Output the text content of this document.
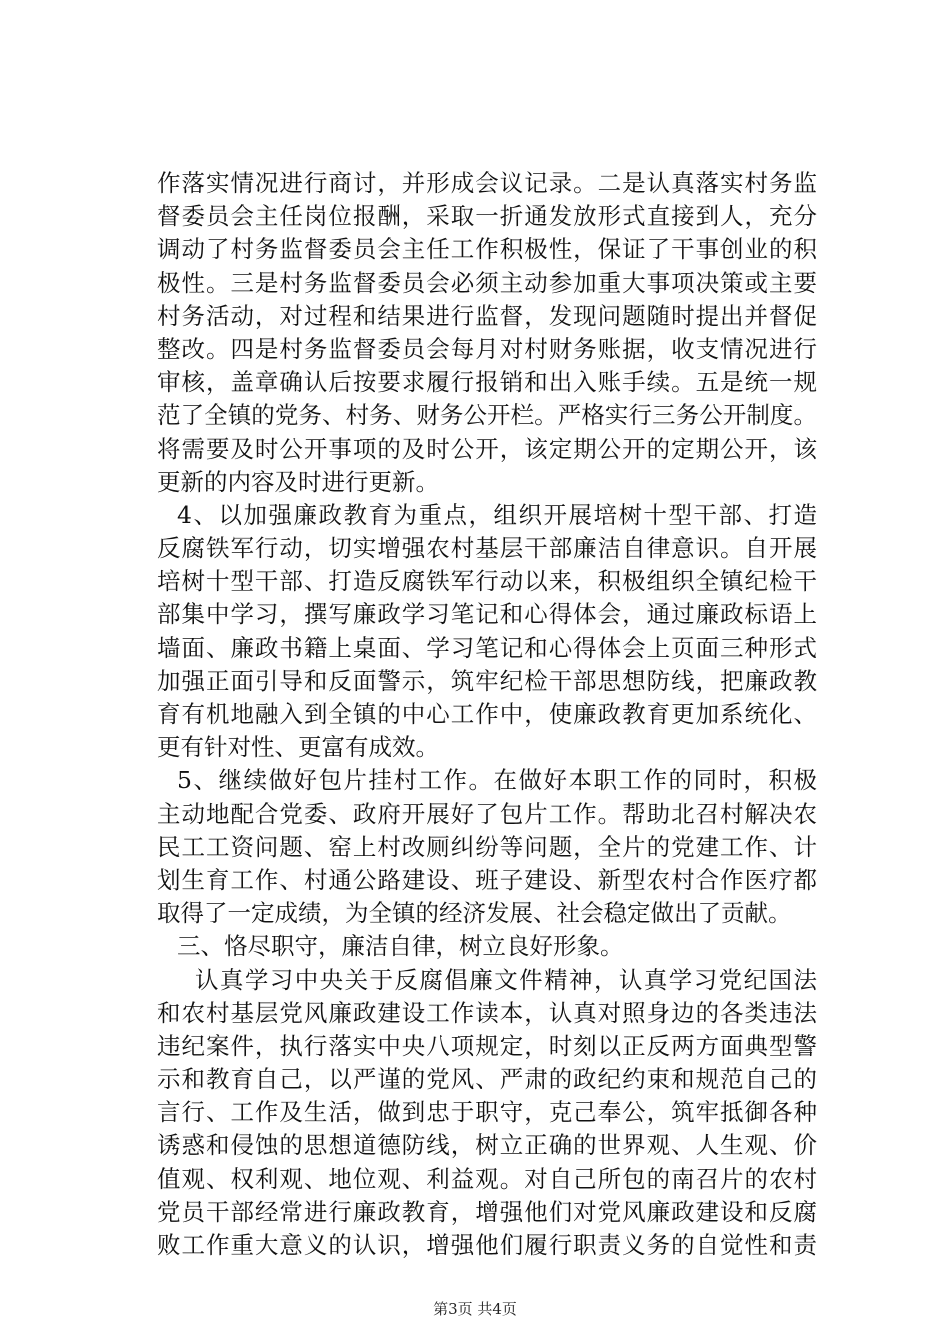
作落实情况进行商讨，并形成会议记录。二是认真落实村务监
督委员会主任岗位报酬，采取一折通发放形式直接到人，充分
调动了村务监督委员会主任工作积极性，保证了干事创业的积
极性。三是村务监督委员会必须主动参加重大事项决策或主要
村务活动，对过程和结果进行监督，发现问题随时提出并督促
整改。四是村务监督委员会每月对村财务账据，收支情况进行
审核，盖章确认后按要求履行报销和出入账手续。五是统一规
范了全镇的党务、村务、财务公开栏。严格实行三务公开制度。
将需要及时公开事项的及时公开，该定期公开的定期公开，该
更新的内容及时进行更新。
4、以加强廉政教育为重点，组织开展培树十型干部、打造
反腐铁军行动，切实增强农村基层干部廉洁自律意识。自开展
培树十型干部、打造反腐铁军行动以来，积极组织全镇纪检干
部集中学习，撰写廉政学习笔记和心得体会，通过廉政标语上
墙面、廉政书籍上桌面、学习笔记和心得体会上页面三种形式
加强正面引导和反面警示，筑牢纪检干部思想防线，把廉政教
育有机地融入到全镇的中心工作中，使廉政教育更加系统化、
更有针对性、更富有成效。
5、继续做好包片挂村工作。在做好本职工作的同时，积极
主动地配合党委、政府开展好了包片工作。帮助北召村解决农
民工工资问题、窑上村改厕纠纷等问题，全片的党建工作、计
划生育工作、村通公路建设、班子建设、新型农村合作医疗都
取得了一定成绩，为全镇的经济发展、社会稳定做出了贡献。
三、恪尽职守，廉洁自律，树立良好形象。
认真学习中央关于反腐倡廉文件精神，认真学习党纪国法
和农村基层党风廉政建设工作读本，认真对照身边的各类违法
违纪案件，执行落实中央八项规定，时刻以正反两方面典型警
示和教育自己，以严谨的党风、严肃的政纪约束和规范自己的
言行、工作及生活，做到忠于职守，克己奉公，筑牢抵御各种
诱惑和侵蚀的思想道德防线，树立正确的世界观、人生观、价
值观、权利观、地位观、利益观。对自己所包的南召片的农村
党员干部经常进行廉政教育，增强他们对党风廉政建设和反腐
败工作重大意义的认识，增强他们履行职责义务的自觉性和责
第3页 共4页
